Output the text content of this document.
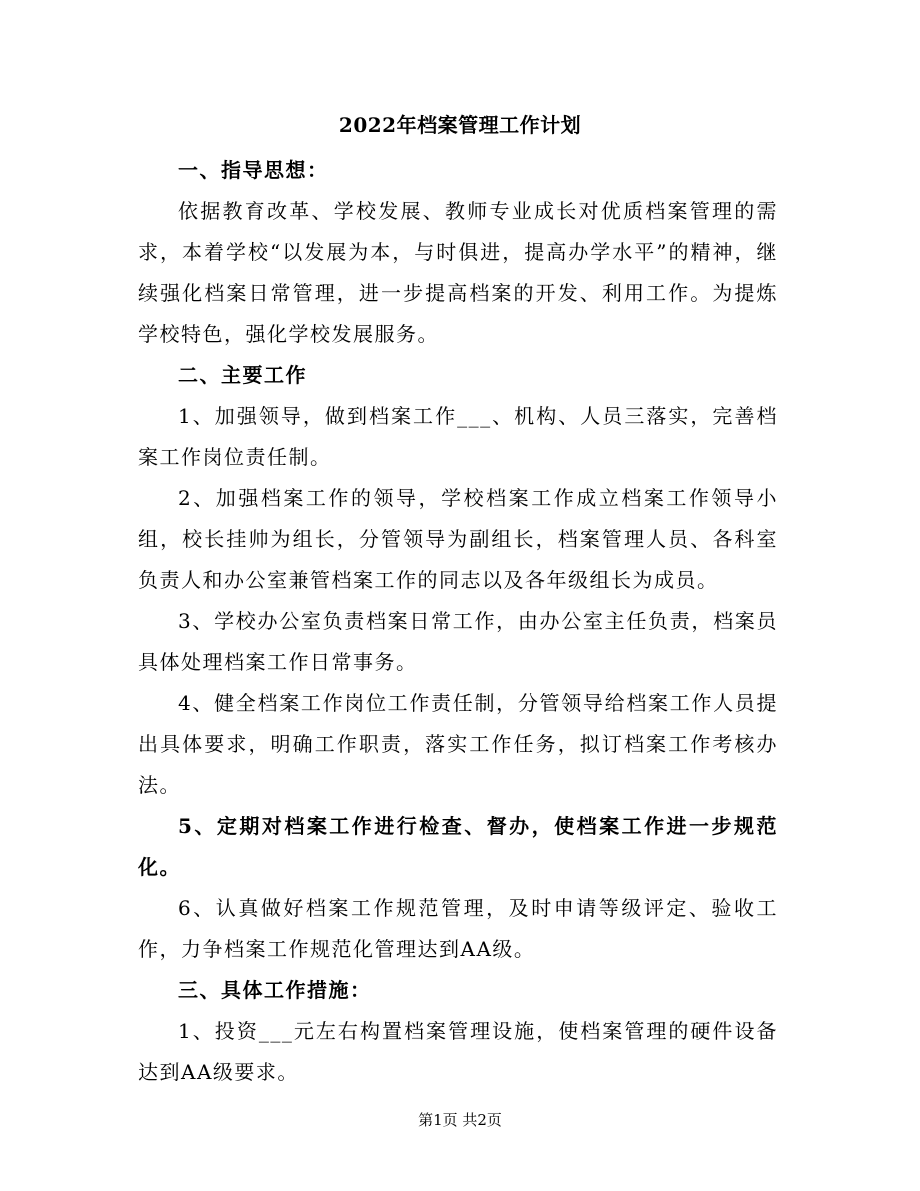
2022年档案管理工作计划

一、指导思想：

依据教育改革、学校发展、教师专业成长对优质档案管理的需求，本着学校“以发展为本，与时俱进，提高办学水平”的精神，继续强化档案日常管理，进一步提高档案的开发、利用工作。为提炼学校特色，强化学校发展服务。

二、主要工作

1、加强领导，做到档案工作___、机构、人员三落实，完善档案工作岗位责任制。

2、加强档案工作的领导，学校档案工作成立档案工作领导小组，校长挂帅为组长，分管领导为副组长，档案管理人员、各科室负责人和办公室兼管档案工作的同志以及各年级组长为成员。

3、学校办公室负责档案日常工作，由办公室主任负责，档案员具体处理档案工作日常事务。

4、健全档案工作岗位工作责任制，分管领导给档案工作人员提出具体要求，明确工作职责，落实工作任务，拟订档案工作考核办法。

5、定期对档案工作进行检查、督办，使档案工作进一步规范化。

6、认真做好档案工作规范管理，及时申请等级评定、验收工作，力争档案工作规范化管理达到AA级。

三、具体工作措施：

1、投资___元左右构置档案管理设施，使档案管理的硬件设备达到AA级要求。

第1页 共2页
